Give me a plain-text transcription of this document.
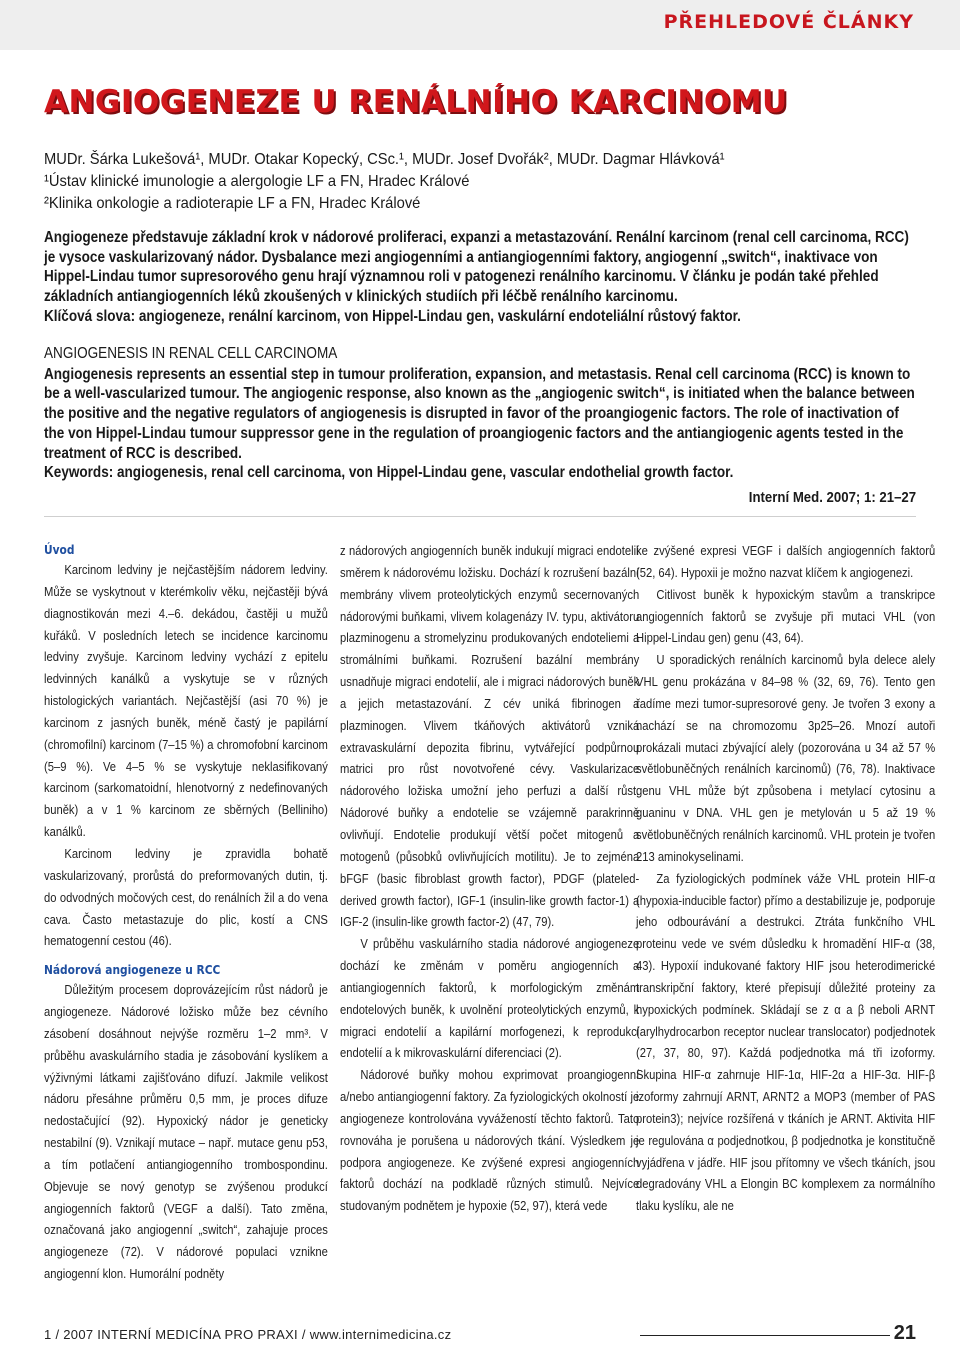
PŘEHLEDOVÉ ČLÁNKY
ANGIOGENEZE U RENÁLNÍHO KARCINOMU
MUDr. Šárka Lukešová¹, MUDr. Otakar Kopecký, CSc.¹, MUDr. Josef Dvořák², MUDr. Dagmar Hlávková¹
¹Ústav klinické imunologie a alergologie LF a FN, Hradec Králové
²Klinika onkologie a radioterapie LF a FN, Hradec Králové

Angiogeneze představuje základní krok v nádorové proliferaci, expanzi a metastazování. Renální karcinom (renal cell carcinoma, RCC) je vysoce vaskularizovaný nádor. Dysbalance mezi angiogenními a antiangiogenními faktory, angiogenní „switch“, inaktivace von Hippel-Lindau tumor supresorového genu hrají významnou roli v patogenezi renálního karcinomu. V článku je podán také přehled základních antiangiogenních léků zkoušených v klinických studiích při léčbě renálního karcinomu.

Klíčová slova: angiogeneze, renální karcinom, von Hippel-Lindau gen, vaskulární endoteliální růstový faktor.

ANGIOGENESIS IN RENAL CELL CARCINOMA

Angiogenesis represents an essential step in tumour proliferation, expansion, and metastasis. Renal cell carcinoma (RCC) is known to be a well-vascularized tumour. The angiogenic response, also known as the „angiogenic switch“, is initiated when the balance between the positive and the negative regulators of angiogenesis is disrupted in favor of the proangiogenic factors. The role of inactivation of the von Hippel-Lindau tumour suppressor gene in the regulation of proangiogenic factors and the antiangiogenic agents tested in the treatment of RCC is described.

Keywords: angiogenesis, renal cell carcinoma, von Hippel-Lindau gene, vascular endothelial growth factor.

Interní Med. 2007; 1: 21–27
Úvod

Karcinom ledviny je nejčastějším nádorem ledviny. Může se vyskytnout v kterémkoliv věku, nejčastěji bývá diagnostikován mezi 4.–6. dekádou, častěji u mužů kuřáků. V posledních letech se incidence karcinomu ledviny zvyšuje. Karcinom ledviny vychází z epitelu ledvinných kanálků a vyskytuje se v různých histologických variantách. Nejčastější (asi 70 %) je karcinom z jasných buněk, méně častý je papilární (chromofilní) karcinom (7–15 %) a chromofobní karcinom (5–9 %). Ve 4–5 % se vyskytuje neklasifikovaný karcinom (sarkomatoidní, hlenotvorný z nedefinovaných buněk) a v 1 % karcinom ze sběrných (Belliniho) kanálků.

Karcinom ledviny je zpravidla bohatě vaskularizovaný, prorůstá do preformovaných dutin, tj. do odvodných močových cest, do renálních žil a do vena cava. Často metastazuje do plic, kostí a CNS hematogenní cestou (46).

Nádorová angiogeneze u RCC

Důležitým procesem doprovázejícím růst nádorů je angiogeneze. Nádorové ložisko může bez cévního zásobení dosáhnout nejvýše rozměru 1–2 mm³. V průběhu avaskulárního stadia je zásobování kyslíkem a výživnými látkami zajišťováno difuzí. Jakmile velikost nádoru přesáhne průměru 0,5 mm, je proces difuze nedostačující (92). Hypoxický nádor je geneticky nestabilní (9). Vznikají mutace – např. mutace genu p53, a tím potlačení antiangiogenního trombospondinu. Objevuje se nový genotyp se zvýšenou produkcí angiogenních faktorů (VEGF a další). Tato změna, označovaná jako angiogenní „switch“, zahajuje proces angiogeneze (72). V nádorové populaci vznikne angiogenní klon. Humorální podněty

z nádorových angiogenních buněk indukují migraci endotelií směrem k nádorovému ložisku. Dochází k rozrušení bazální membrány vlivem proteolytických enzymů secernovaných nádorovými buňkami, vlivem kolagenázy IV. typu, aktivátoru plazminogenu a stromelyzinu produkovaných endoteliemi a stromálními buňkami. Rozrušení bazální membrány usnadňuje migraci endotelií, ale i migraci nádorových buněk a jejich metastazování. Z cév uniká fibrinogen a plazminogen. Vlivem tkáňových aktivátorů vzniká extravaskulární depozita fibrinu, vytvářející podpůrnou matrici pro růst novotvořené cévy. Vaskularizace nádorového ložiska umožní jeho perfuzi a další růst. Nádorové buňky a endotelie se vzájemně parakrinně ovlivňují. Endotelie produkují větší počet mitogenů a motogenů (působků ovlivňujících motilitu). Je to zejména bFGF (basic fibroblast growth factor), PDGF (plateled-derived growth factor), IGF-1 (insulin-like growth factor-1) a IGF-2 (insulin-like growth factor-2) (47, 79).

V průběhu vaskulárního stadia nádorové angiogeneze dochází ke změnám v poměru angiogenních a antiangiogenních faktorů, k morfologickým změnám endotelových buněk, k uvolnění proteolytických enzymů, k migraci endotelií a kapilární morfogenezi, k reprodukci endotelií a k mikrovaskulární diferenciaci (2).

Nádorové buňky mohou exprimovat proangiogenní a/nebo antiangiogenní faktory. Za fyziologických okolností je angiogeneze kontrolována vyvážeností těchto faktorů. Tato rovnováha je porušena u nádorových tkání. Výsledkem je podpora angiogeneze. Ke zvýšené expresi angiogenních faktorů dochází na podkladě různých stimulů. Nejvíce studovaným podnětem je hypoxie (52, 97), která vede

ke zvýšené expresi VEGF i dalších angiogenních faktorů (52, 64). Hypoxii je možno nazvat klíčem k angiogenezi.

Citlivost buněk k hypoxickým stavům a transkripce angiogenních faktorů se zvyšuje při mutaci VHL (von Hippel-Lindau gen) genu (43, 64).

U sporadických renálních karcinomů byla delece alely VHL genu prokázána v 84–98 % (32, 69, 76). Tento gen řadíme mezi tumor-supresorové geny. Je tvořen 3 exony a nachází se na chromozomu 3p25–26. Mnozí autoři prokázali mutaci zbývající alely (pozorována u 34 až 57 % světlobuněčných renálních karcinomů) (76, 78). Inaktivace genu VHL může být způsobena i metylací cytosinu a guaninu v DNA. VHL gen je metylován u 5 až 19 % světlobuněčných renálních karcinomů. VHL protein je tvořen 213 aminokyselinami.

Za fyziologických podmínek váže VHL protein HIF-α (hypoxia-inducible factor) přímo a destabilizuje je, podporuje jeho odbourávání a destrukci. Ztráta funkčního VHL proteinu vede ve svém důsledku k hromadění HIF-α (38, 43). Hypoxií indukované faktory HIF jsou heterodimerické transkripční faktory, které přepisují důležité proteiny za hypoxických podmínek. Skládají se z α a β neboli ARNT (arylhydrocarbon receptor nuclear translocator) podjednotek (27, 37, 80, 97). Každá podjednotka má tři izoformy. Skupina HIF-α zahrnuje HIF-1α, HIF-2α a HIF-3α. HIF-β izoformy zahrnují ARNT, ARNT2 a MOP3 (member of PAS protein3); nejvíce rozšířená v tkáních je ARNT. Aktivita HIF je regulována α podjednotkou, β podjednotka je konstitučně vyjádřena v jádře. HIF jsou přítomny ve všech tkáních, jsou degradovány VHL a Elongin BC komplexem za normálního tlaku kyslíku, ale ne

1 / 2007 INTERNÍ MEDICÍNA PRO PRAXI / www.internimedicina.cz	21
